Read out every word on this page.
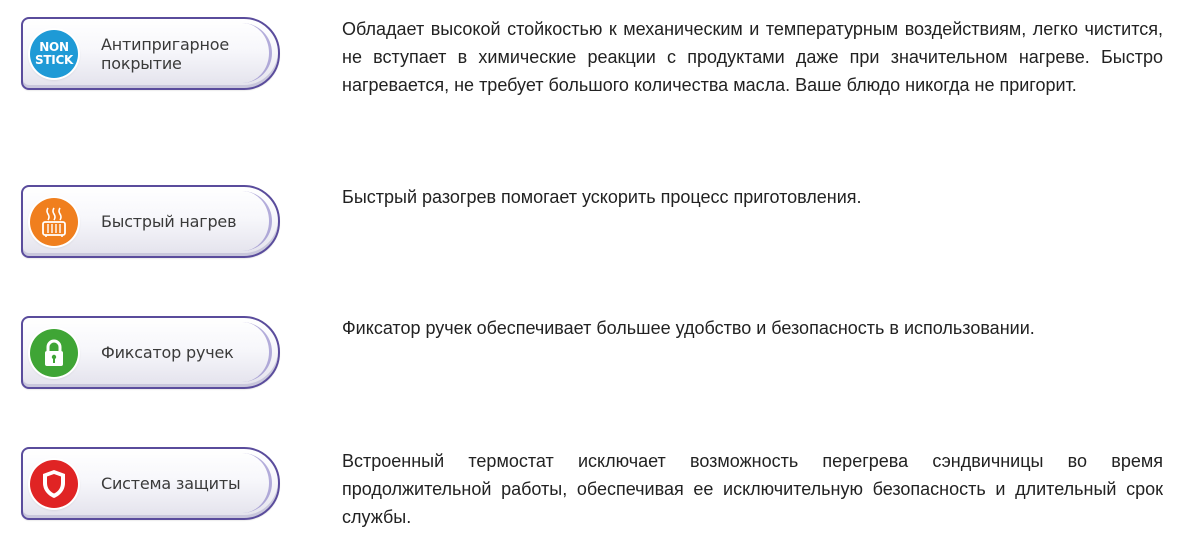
NON
STICK
Антипригарное покрытие

Обладает высокой стойкостью к механическим и температурным воздействиям, легко чистится, не вступает в химические реакции с продуктами даже при значительном нагреве. Быстро нагревается, не требует большого количества масла. Ваше блюдо никогда не пригорит.

Быстрый нагрев

Быстрый разогрев помогает ускорить процесс приготовления.

Фиксатор ручек

Фиксатор ручек обеспечивает большее удобство и безопасность в использовании.

Система защиты

Встроенный термостат исключает возможность перегрева сэндвичницы во время продолжительной работы, обеспечивая ее исключительную безопасность и длительный срок службы.
